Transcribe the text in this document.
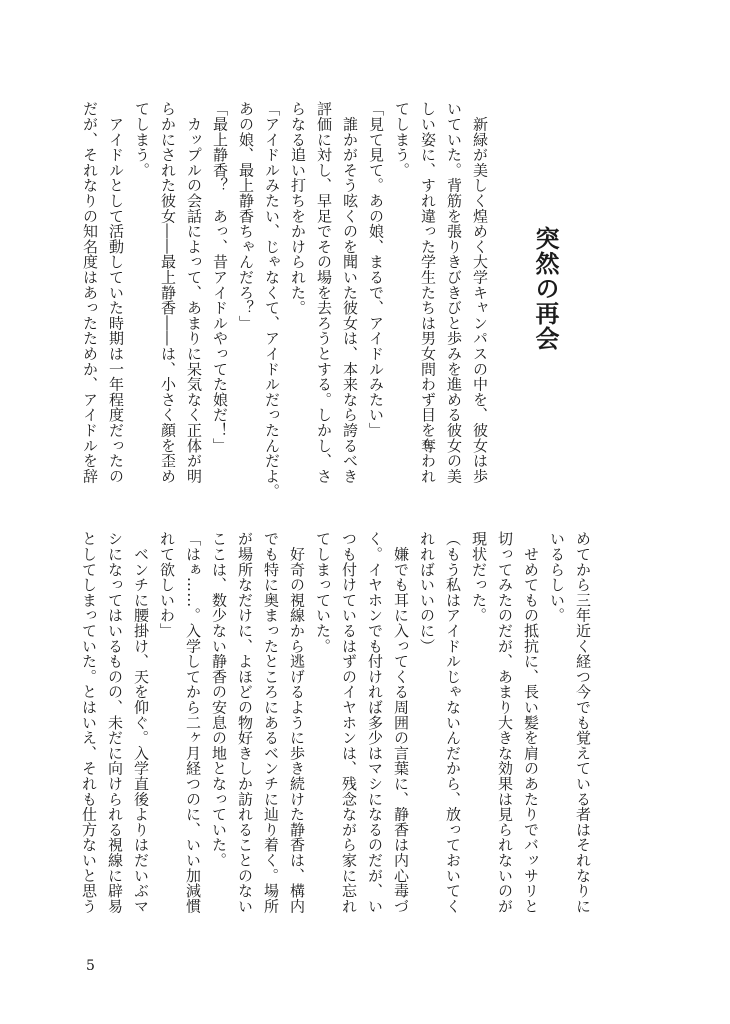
突然の再会
　新緑が美しく煌めく大学キャンパスの中を、彼女は歩
いていた。背筋を張りきびきびと歩みを進める彼女の美
しい姿に、すれ違った学生たちは男女問わず目を奪われ
てしまう。
「見て見て。あの娘、まるで、アイドルみたい」
　誰かがそう呟くのを聞いた彼女は、本来なら誇るべき
評価に対し、早足でその場を去ろうとする。しかし、さ
らなる追い打ちをかけられた。
「アイドルみたい、じゃなくて、アイドルだったんだよ。
あの娘、最上静香ちゃんだろ？」
「最上静香？　あっ、昔アイドルやってた娘だ！」
　カップルの会話によって、あまりに呆気なく正体が明
らかにされた彼女――最上静香――は、小さく顔を歪め
てしまう。
　アイドルとして活動していた時期は一年程度だったの
だが、それなりの知名度はあったためか、アイドルを辞
めてから三年近く経つ今でも覚えている者はそれなりに
いるらしい。
　せめてもの抵抗に、長い髪を肩のあたりでバッサリと
切ってみたのだが、あまり大きな効果は見られないのが
現状だった。
（もう私はアイドルじゃないんだから、放っておいてく
れればいいのに）
　嫌でも耳に入ってくる周囲の言葉に、静香は内心毒づ
く。イヤホンでも付ければ多少はマシになるのだが、い
つも付けているはずのイヤホンは、残念ながら家に忘れ
てしまっていた。
　好奇の視線から逃げるように歩き続けた静香は、構内
でも特に奥まったところにあるベンチに辿り着く。場所
が場所なだけに、よほどの物好きしか訪れることのない
ここは、数少ない静香の安息の地となっていた。
「はぁ……。入学してから二ヶ月経つのに、いい加減慣
れて欲しいわ」
　ベンチに腰掛け、天を仰ぐ。入学直後よりはだいぶマ
シになってはいるものの、未だに向けられる視線に辟易
としてしまっていた。とはいえ、それも仕方ないと思う
5
